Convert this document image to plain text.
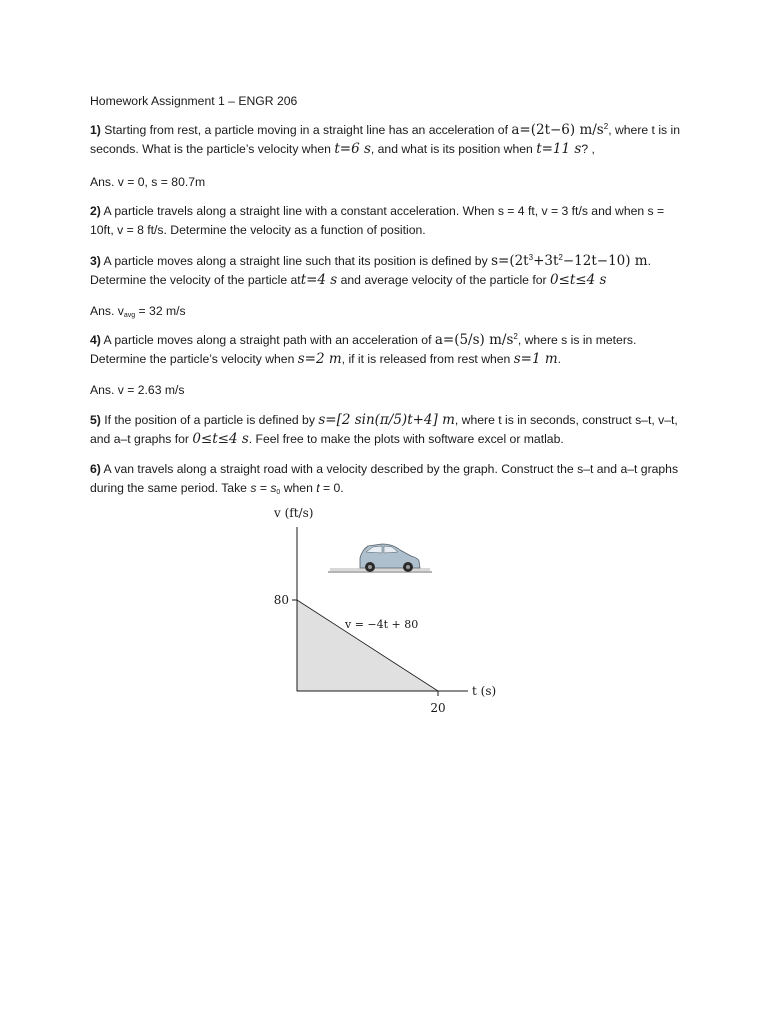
Homework Assignment 1 – ENGR 206

1) Starting from rest, a particle moving in a straight line has an acceleration of a=(2t−6) $m/s^2$, where t is in seconds. What is the particle’s velocity when t=6 s, and what is its position when t=11 s? ,

Ans. v = 0, s = 80.7m

2) A particle travels along a straight line with a constant acceleration. When s = 4 ft, v = 3 ft/s and when s = 10ft, v = 8 ft/s. Determine the velocity as a function of position.

3) A particle moves along a straight line such that its position is defined by $s=(2t^3+3t^2-12t-10)$ m. Determine the velocity of the particle att=4 s and average velocity of the particle for 0≤t≤4 s

Ans. $v_{avg} = 32$ m/s

4) A particle moves along a straight path with an acceleration of a=(5/s) $m/s^2$, where s is in meters. Determine the particle’s velocity when s=2 m, if it is released from rest when s=1 m.

Ans. v = 2.63 m/s

5) If the position of a particle is defined by s=[2 sin(π/5)t+4] m, where t is in seconds, construct s–t, v–t, and a–t graphs for 0≤t≤4 s. Feel free to make the plots with software excel or matlab.

6) A van travels along a straight road with a velocity described by the graph. Construct the s–t and a–t graphs during the same period. Take $s = s_0$ when t = 0.

v (ft/s)
t (s)
80
20
v = −4t + 80
